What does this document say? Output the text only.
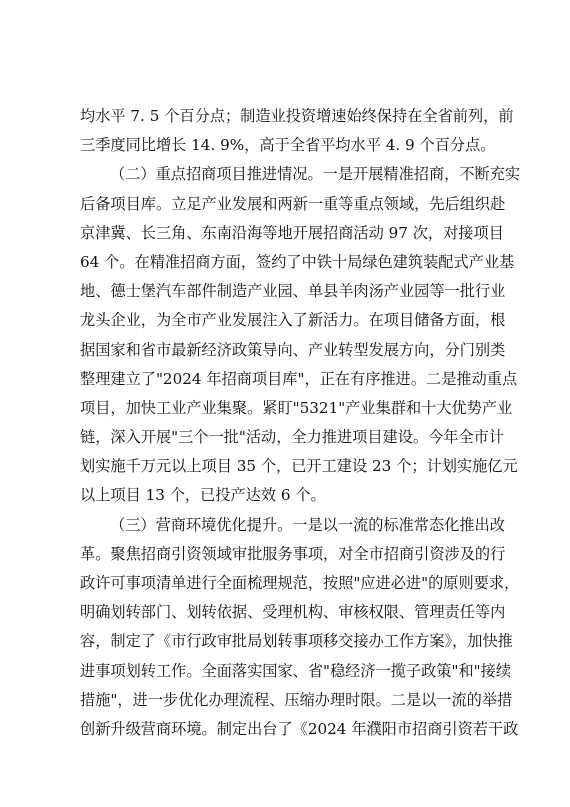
均水平 7. 5 个百分点；制造业投资增速始终保持在全省前列，前
三季度同比增长 14. 9%，高于全省平均水平 4. 9 个百分点。
（二）重点招商项目推进情况。一是开展精准招商，不断充实
后备项目库。立足产业发展和两新一重等重点领域，先后组织赴
京津冀、长三角、东南沿海等地开展招商活动 97 次，对接项目
64 个。在精准招商方面，签约了中铁十局绿色建筑装配式产业基
地、德士堡汽车部件制造产业园、单县羊肉汤产业园等一批行业
龙头企业，为全市产业发展注入了新活力。在项目储备方面，根
据国家和省市最新经济政策导向、产业转型发展方向，分门别类
整理建立了"2024 年招商项目库"，正在有序推进。二是推动重点
项目，加快工业产业集聚。紧盯"5321"产业集群和十大优势产业
链，深入开展"三个一批"活动，全力推进项目建设。今年全市计
划实施千万元以上项目 35 个，已开工建设 23 个；计划实施亿元
以上项目 13 个，已投产达效 6 个。
（三）营商环境优化提升。一是以一流的标准常态化推出改
革。聚焦招商引资领域审批服务事项，对全市招商引资涉及的行
政许可事项清单进行全面梳理规范，按照"应进必进"的原则要求，
明确划转部门、划转依据、受理机构、审核权限、管理责任等内
容，制定了《市行政审批局划转事项移交接办工作方案》，加快推
进事项划转工作。全面落实国家、省"稳经济一揽子政策"和"接续
措施"，进一步优化办理流程、压缩办理时限。二是以一流的举措
创新升级营商环境。制定出台了《2024 年濮阳市招商引资若干政
